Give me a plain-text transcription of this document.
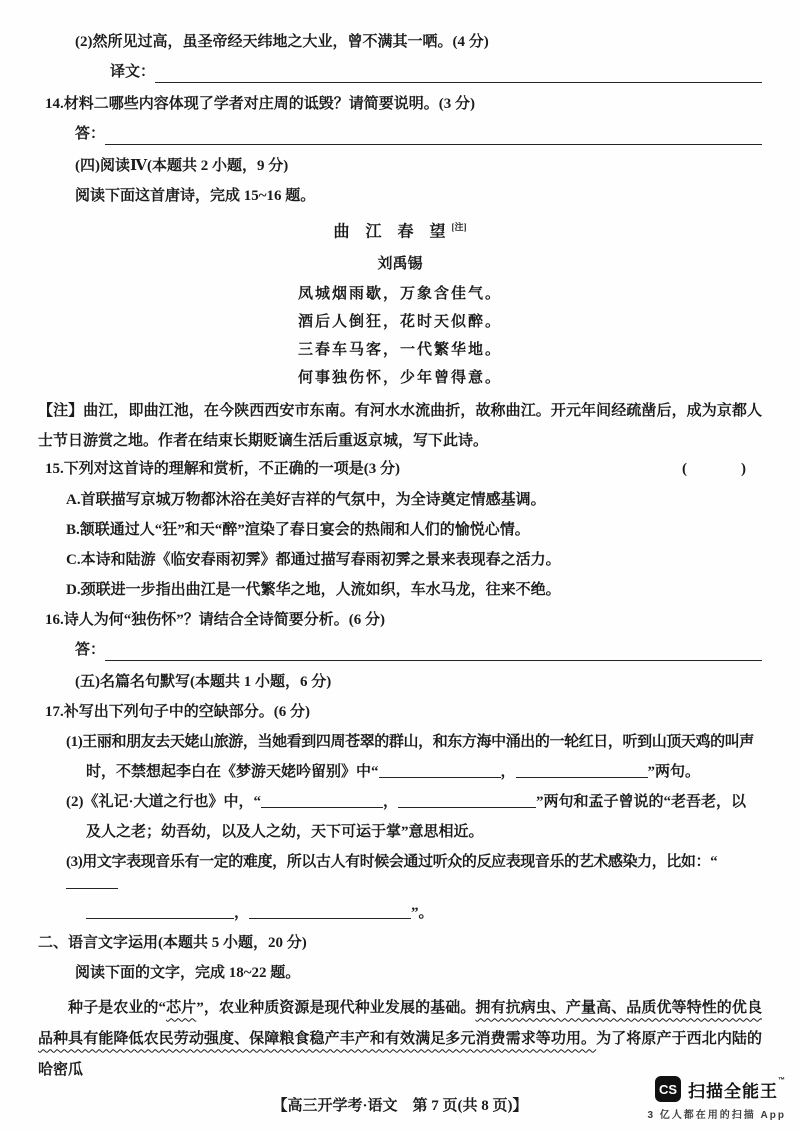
(2)然所见过高，虽圣帝经天纬地之大业，曾不满其一哂。(4 分)
译文：
14.材料二哪些内容体现了学者对庄周的诋毁？请简要说明。(3 分)
答：
(四)阅读Ⅳ(本题共 2 小题，9 分)
阅读下面这首唐诗，完成 15~16 题。
曲 江 春 望[注]
刘禹锡
凤城烟雨歇，万象含佳气。
酒后人倒狂，花时天似醉。
三春车马客，一代繁华地。
何事独伤怀，少年曾得意。
【注】曲江，即曲江池，在今陕西西安市东南。有河水水流曲折，故称曲江。开元年间经疏凿后，成为京都人士节日游赏之地。作者在结束长期贬谪生活后重返京城，写下此诗。
15.下列对这首诗的理解和赏析，不正确的一项是(3 分)	(　　)
A.首联描写京城万物都沐浴在美好吉祥的气氛中，为全诗奠定情感基调。
B.颔联通过人“狂”和天“醉”渲染了春日宴会的热闹和人们的愉悦心情。
C.本诗和陆游《临安春雨初霁》都通过描写春雨初霁之景来表现春之活力。
D.颈联进一步指出曲江是一代繁华之地，人流如织，车水马龙，往来不绝。
16.诗人为何“独伤怀”？请结合全诗简要分析。(6 分)
答：
(五)名篇名句默写(本题共 1 小题，6 分)
17.补写出下列句子中的空缺部分。(6 分)
(1)王丽和朋友去天姥山旅游，当她看到四周苍翠的群山，和东方海中涌出的一轮红日，听到山顶天鸡的叫声
时，不禁想起李白在《梦游天姥吟留别》中“	，	”两句。
(2)《礼记·大道之行也》中，“	，	”两句和孟子曾说的“老吾老，以
及人之老；幼吾幼，以及人之幼，天下可运于掌”意思相近。
(3)用文字表现音乐有一定的难度，所以古人有时候会通过听众的反应表现音乐的艺术感染力，比如：“
，	”。
二、语言文字运用(本题共 5 小题，20 分)
阅读下面的文字，完成 18~22 题。
种子是农业的“芯片”，农业种质资源是现代种业发展的基础。拥有抗病虫、产量高、品质优等特性的优良品种具有能降低农民劳动强度、保障粮食稳产丰产和有效满足多元消费需求等功用。为了将原产于西北内陆的哈密瓜
【高三开学考·语文　第 7 页(共 8 页)】
CS 扫描全能王™
3 亿人都在用的扫描 App
